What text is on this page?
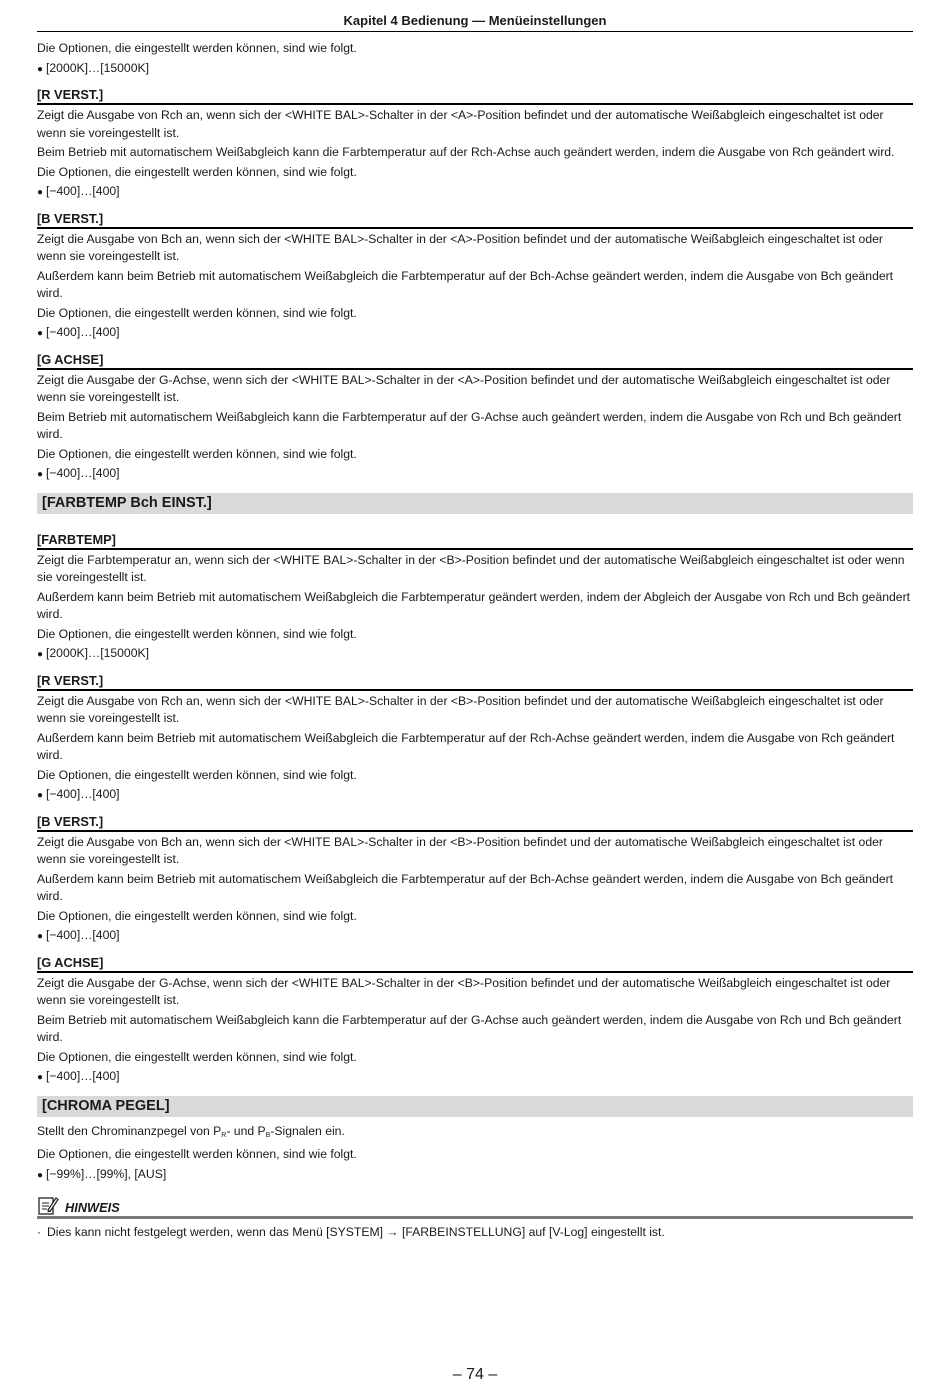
Kapitel 4 Bedienung — Menüeinstellungen

Die Optionen, die eingestellt werden können, sind wie folgt.

● [2000K]…[15000K]

[R VERST.]

Zeigt die Ausgabe von Rch an, wenn sich der <WHITE BAL>-Schalter in der <A>-Position befindet und der automatische Weißabgleich eingeschaltet ist oder wenn sie voreingestellt ist.

Beim Betrieb mit automatischem Weißabgleich kann die Farbtemperatur auf der Rch-Achse auch geändert werden, indem die Ausgabe von Rch geändert wird.

Die Optionen, die eingestellt werden können, sind wie folgt.

● [−400]…[400]

[B VERST.]

Zeigt die Ausgabe von Bch an, wenn sich der <WHITE BAL>-Schalter in der <A>-Position befindet und der automatische Weißabgleich eingeschaltet ist oder wenn sie voreingestellt ist.

Außerdem kann beim Betrieb mit automatischem Weißabgleich die Farbtemperatur auf der Bch-Achse geändert werden, indem die Ausgabe von Bch geändert wird.

Die Optionen, die eingestellt werden können, sind wie folgt.

● [−400]…[400]

[G ACHSE]

Zeigt die Ausgabe der G-Achse, wenn sich der <WHITE BAL>-Schalter in der <A>-Position befindet und der automatische Weißabgleich eingeschaltet ist oder wenn sie voreingestellt ist.

Beim Betrieb mit automatischem Weißabgleich kann die Farbtemperatur auf der G-Achse auch geändert werden, indem die Ausgabe von Rch und Bch geändert wird.

Die Optionen, die eingestellt werden können, sind wie folgt.

● [−400]…[400]

[FARBTEMP Bch EINST.]
[FARBTEMP]

Zeigt die Farbtemperatur an, wenn sich der <WHITE BAL>-Schalter in der <B>-Position befindet und der automatische Weißabgleich eingeschaltet ist oder wenn sie voreingestellt ist.

Außerdem kann beim Betrieb mit automatischem Weißabgleich die Farbtemperatur geändert werden, indem der Abgleich der Ausgabe von Rch und Bch geändert wird.

Die Optionen, die eingestellt werden können, sind wie folgt.

● [2000K]…[15000K]

[R VERST.]

Zeigt die Ausgabe von Rch an, wenn sich der <WHITE BAL>-Schalter in der <B>-Position befindet und der automatische Weißabgleich eingeschaltet ist oder wenn sie voreingestellt ist.

Außerdem kann beim Betrieb mit automatischem Weißabgleich die Farbtemperatur auf der Rch-Achse geändert werden, indem die Ausgabe von Rch geändert wird.

Die Optionen, die eingestellt werden können, sind wie folgt.

● [−400]…[400]

[B VERST.]

Zeigt die Ausgabe von Bch an, wenn sich der <WHITE BAL>-Schalter in der <B>-Position befindet und der automatische Weißabgleich eingeschaltet ist oder wenn sie voreingestellt ist.

Außerdem kann beim Betrieb mit automatischem Weißabgleich die Farbtemperatur auf der Bch-Achse geändert werden, indem die Ausgabe von Bch geändert wird.

Die Optionen, die eingestellt werden können, sind wie folgt.

● [−400]…[400]

[G ACHSE]

Zeigt die Ausgabe der G-Achse, wenn sich der <WHITE BAL>-Schalter in der <B>-Position befindet und der automatische Weißabgleich eingeschaltet ist oder wenn sie voreingestellt ist.

Beim Betrieb mit automatischem Weißabgleich kann die Farbtemperatur auf der G-Achse auch geändert werden, indem die Ausgabe von Rch und Bch geändert wird.

Die Optionen, die eingestellt werden können, sind wie folgt.

● [−400]…[400]

[CHROMA PEGEL]

Stellt den Chrominanzpegel von $P_R-$ und $P_B$-Signalen ein.

Die Optionen, die eingestellt werden können, sind wie folgt.

● [−99%]…[99%], [AUS]

HINWEIS
· Dies kann nicht festgelegt werden, wenn das Menü [SYSTEM] → [FARBEINSTELLUNG] auf [V-Log] eingestellt ist.
– 74 –
